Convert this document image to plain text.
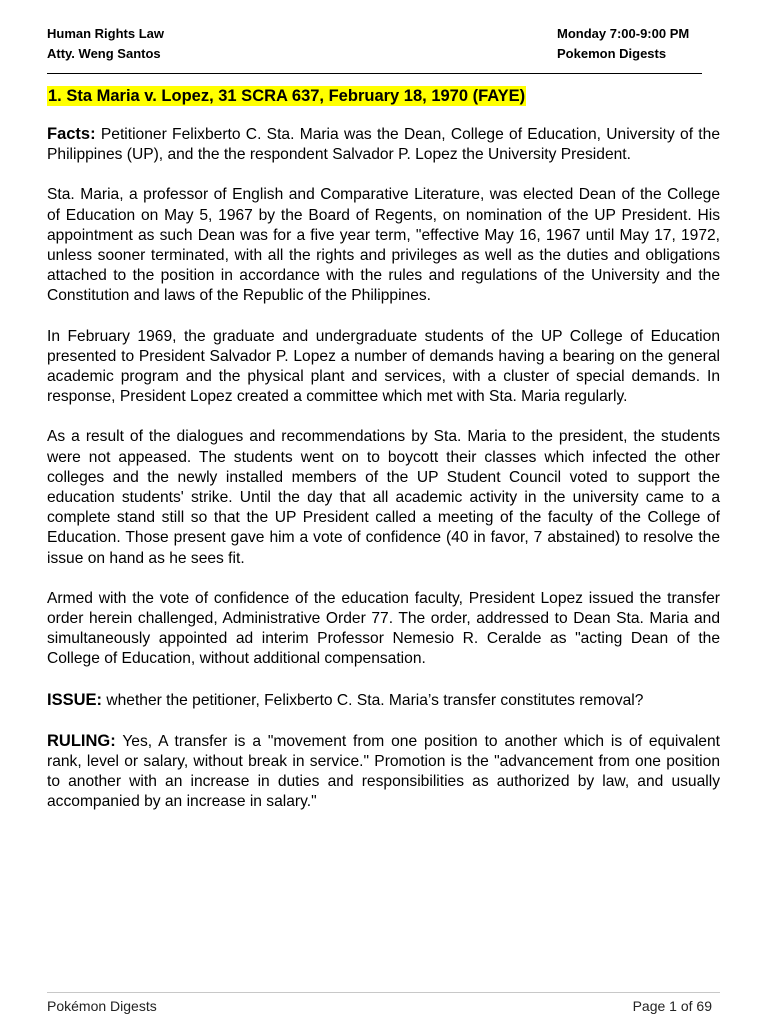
Human Rights Law	Monday 7:00-9:00 PM
Atty. Weng Santos	Pokemon Digests
1. Sta Maria v. Lopez, 31 SCRA 637, February 18, 1970 (FAYE)

Facts: Petitioner Felixberto C. Sta. Maria was the Dean, College of Education, University of the Philippines (UP), and the the respondent Salvador P. Lopez the University President.

Sta. Maria, a professor of English and Comparative Literature, was elected Dean of the College of Education on May 5, 1967 by the Board of Regents, on nomination of the UP President. His appointment as such Dean was for a five year term, "effective May 16, 1967 until May 17, 1972, unless sooner terminated, with all the rights and privileges as well as the duties and obligations attached to the position in accordance with the rules and regulations of the University and the Constitution and laws of the Republic of the Philippines.

In February 1969, the graduate and undergraduate students of the UP College of Education presented to President Salvador P. Lopez a number of demands having a bearing on the general academic program and the physical plant and services, with a cluster of special demands. In response, President Lopez created a committee which met with Sta. Maria regularly.

As a result of the dialogues and recommendations by Sta. Maria to the president, the students were not appeased. The students went on to boycott their classes which infected the other colleges and the newly installed members of the UP Student Council voted to support the education students' strike. Until the day that all academic activity in the university came to a complete stand still so that the UP President called a meeting of the faculty of the College of Education. Those present gave him a vote of confidence (40 in favor, 7 abstained) to resolve the issue on hand as he sees fit.

Armed with the vote of confidence of the education faculty, President Lopez issued the transfer order herein challenged, Administrative Order 77. The order, addressed to Dean Sta. Maria and simultaneously appointed ad interim Professor Nemesio R. Ceralde as "acting Dean of the College of Education, without additional compensation.

ISSUE: whether the petitioner, Felixberto C. Sta. Maria’s transfer constitutes removal?

RULING: Yes, A transfer is a "movement from one position to another which is of equivalent rank, level or salary, without break in service." Promotion is the "advancement from one position to another with an increase in duties and responsibilities as authorized by law, and usually accompanied by an increase in salary."

Pokémon Digests	Page 1 of 69
